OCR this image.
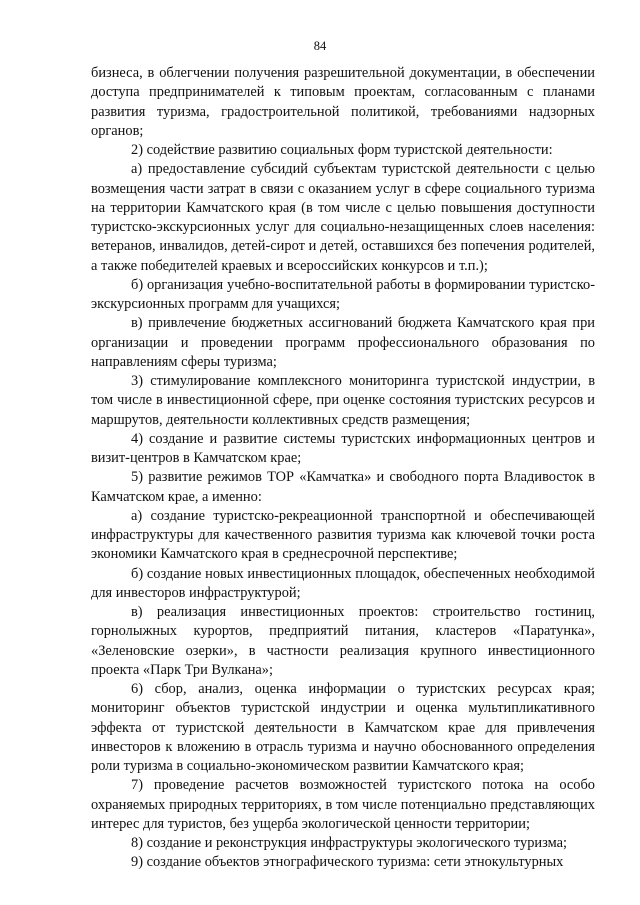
84

бизнеса, в облегчении получения разрешительной документации, в обеспечении доступа предпринимателей к типовым проектам, согласованным с планами развития туризма, градостроительной политикой, требованиями надзорных органов;

2) содействие развитию социальных форм туристской деятельности:

а) предоставление субсидий субъектам туристской деятельности с целью возмещения части затрат в связи с оказанием услуг в сфере социального туризма на территории Камчатского края (в том числе с целью повышения доступности туристско-экскурсионных услуг для социально-незащищенных слоев населения: ветеранов, инвалидов, детей-сирот и детей, оставшихся без попечения родителей, а также победителей краевых и всероссийских конкурсов и т.п.);

б) организация учебно-воспитательной работы в формировании туристско-экскурсионных программ для учащихся;

в) привлечение бюджетных ассигнований бюджета Камчатского края при организации и проведении программ профессионального образования по направлениям сферы туризма;

3) стимулирование комплексного мониторинга туристской индустрии, в том числе в инвестиционной сфере, при оценке состояния туристских ресурсов и маршрутов, деятельности коллективных средств размещения;

4) создание и развитие системы туристских информационных центров и визит-центров в Камчатском крае;

5) развитие режимов ТОР «Камчатка» и свободного порта Владивосток в Камчатском крае, а именно:

а) создание туристско-рекреационной транспортной и обеспечивающей инфраструктуры для качественного развития туризма как ключевой точки роста экономики Камчатского края в среднесрочной перспективе;

б) создание новых инвестиционных площадок, обеспеченных необходимой для инвесторов инфраструктурой;

в) реализация инвестиционных проектов: строительство гостиниц, горнолыжных курортов, предприятий питания, кластеров «Паратунка», «Зеленовские озерки», в частности реализация крупного инвестиционного проекта «Парк Три Вулкана»;

6) сбор, анализ, оценка информации о туристских ресурсах края; мониторинг объектов туристской индустрии и оценка мультипликативного эффекта от туристской деятельности в Камчатском крае для привлечения инвесторов к вложению в отрасль туризма и научно обоснованного определения роли туризма в социально-экономическом развитии Камчатского края;

7) проведение расчетов возможностей туристского потока на особо охраняемых природных территориях, в том числе потенциально представляющих интерес для туристов, без ущерба экологической ценности территории;

8) создание и реконструкция инфраструктуры экологического туризма;

9) создание объектов этнографического туризма: сети этнокультурных
